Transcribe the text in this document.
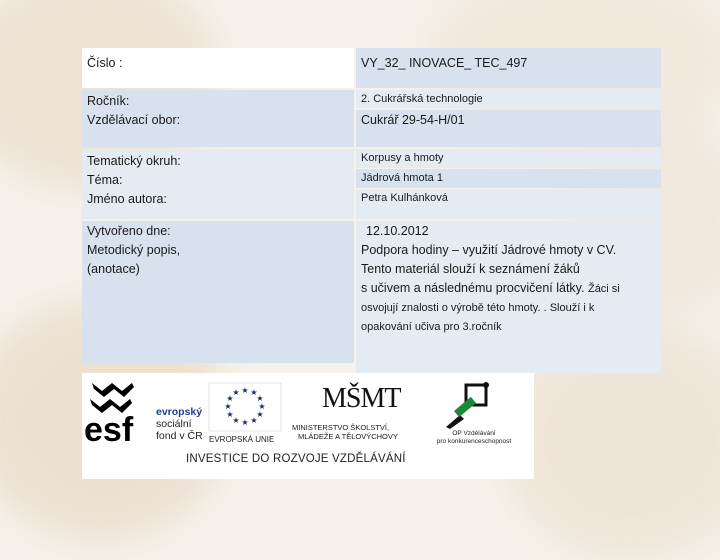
Číslo :	VY_32_ INOVACE_ TEC_497
Ročník:
Vzdělávací obor:
2. Cukrářská technologie
Cukrář 29-54-H/01
Tematický okruh:
Téma:
Jméno autora:
Korpusy a hmoty
Jádrová hmota 1
Petra Kulhánková
Vytvořeno dne:
Metodický popis,
(anotace)
12.10.2012
Podpora hodiny – využití Jádrové hmoty v CV.
Tento materiál slouží k seznámení žáků
s učivem a následnému procvičení látky. Žáci si
osvojují znalosti o výrobě této hmoty. . Slouží i k
opakování učiva pro 3.ročník
esf evropský
sociální
fond v ČR
★ ★
★
★
★
★
★
★
★
★
★
★
EVROPSKÁ UNIE
MŠMT
MINISTERSTVO ŠKOLSTVÍ,
MLÁDEŽE A TĚLOVÝCHOVY	OP Vzdělávání
pro konkurenceschopnost
INVESTICE DO ROZVOJE VZDĚLÁVÁNÍ
